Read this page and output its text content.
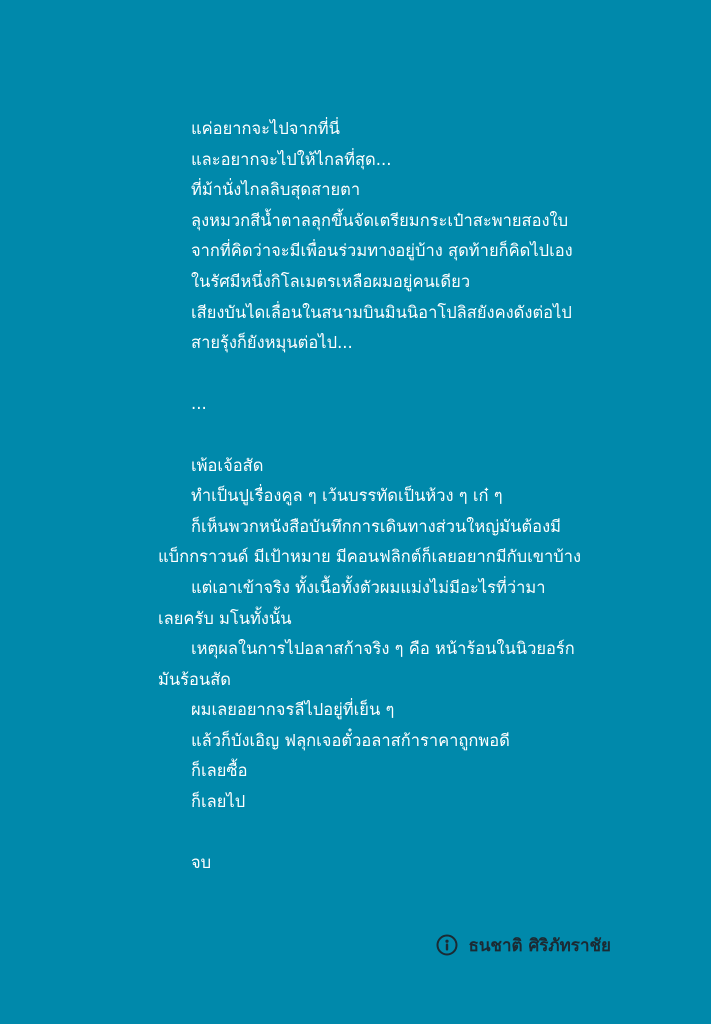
แค่อยากจะไปจากที่นี่
และอยากจะไปให้ไกลที่สุด...
ที่ม้านั่งไกลลิบสุดสายตา
ลุงหมวกสีน้ำตาลลุกขึ้นจัดเตรียมกระเป๋าสะพายสองใบ
จากที่คิดว่าจะมีเพื่อนร่วมทางอยู่บ้าง สุดท้ายก็คิดไปเอง
ในรัศมีหนึ่งกิโลเมตรเหลือผมอยู่คนเดียว
เสียงบันไดเลื่อนในสนามบินมินนิอาโปลิสยังคงดังต่อไป
สายรุ้งก็ยังหมุนต่อไป...
...
เพ้อเจ้อสัด
ทำเป็นปูเรื่องคูล ๆ เว้นบรรทัดเป็นห้วง ๆ เก๋ ๆ
ก็เห็นพวกหนังสือบันทึกการเดินทางส่วนใหญ่มันต้องมี
แบ็กกราวนด์ มีเป้าหมาย มีคอนฟลิกต์ก็เลยอยากมีกับเขาบ้าง
แต่เอาเข้าจริง ทั้งเนื้อทั้งตัวผมแม่งไม่มีอะไรที่ว่ามา
เลยครับ มโนทั้งนั้น
เหตุผลในการไปอลาสก้าจริง ๆ คือ หน้าร้อนในนิวยอร์ก
มันร้อนสัด
ผมเลยอยากจรลีไปอยู่ที่เย็น ๆ
แล้วก็บังเอิญ ฟลุกเจอตั๋วอลาสก้าราคาถูกพอดี
ก็เลยซื้อ
ก็เลยไป
จบ
ธนชาติ ศิริภัทราชัย
